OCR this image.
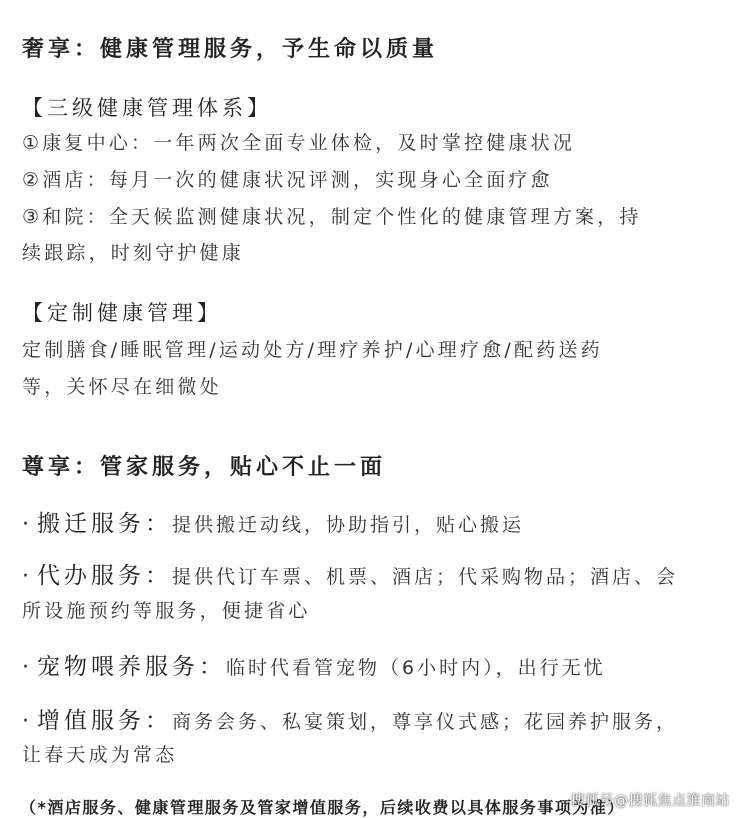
奢享：健康管理服务，予生命以质量
【三级健康管理体系】
①康复中心：一年两次全面专业体检，及时掌控健康状况
②酒店：每月一次的健康状况评测，实现身心全面疗愈
③和院：全天候监测健康状况，制定个性化的健康管理方案，持
续跟踪，时刻守护健康
【定制健康管理】
定制膳食/睡眠管理/运动处方/理疗养护/心理疗愈/配药送药
等，关怀尽在细微处
尊享：管家服务，贴心不止一面
· 搬迁服务：提供搬迁动线，协助指引，贴心搬运
· 代办服务：提供代订车票、机票、酒店；代采购物品；酒店、会
所设施预约等服务，便捷省心
· 宠物喂养服务：临时代看管宠物（6小时内），出行无忧
· 增值服务：商务会务、私宴策划，尊享仪式感；花园养护服务，
让春天成为常态
（*酒店服务、健康管理服务及管家增值服务，后续收费以具体服务事项为准）
搜狐号@搜狐焦点淮南站
